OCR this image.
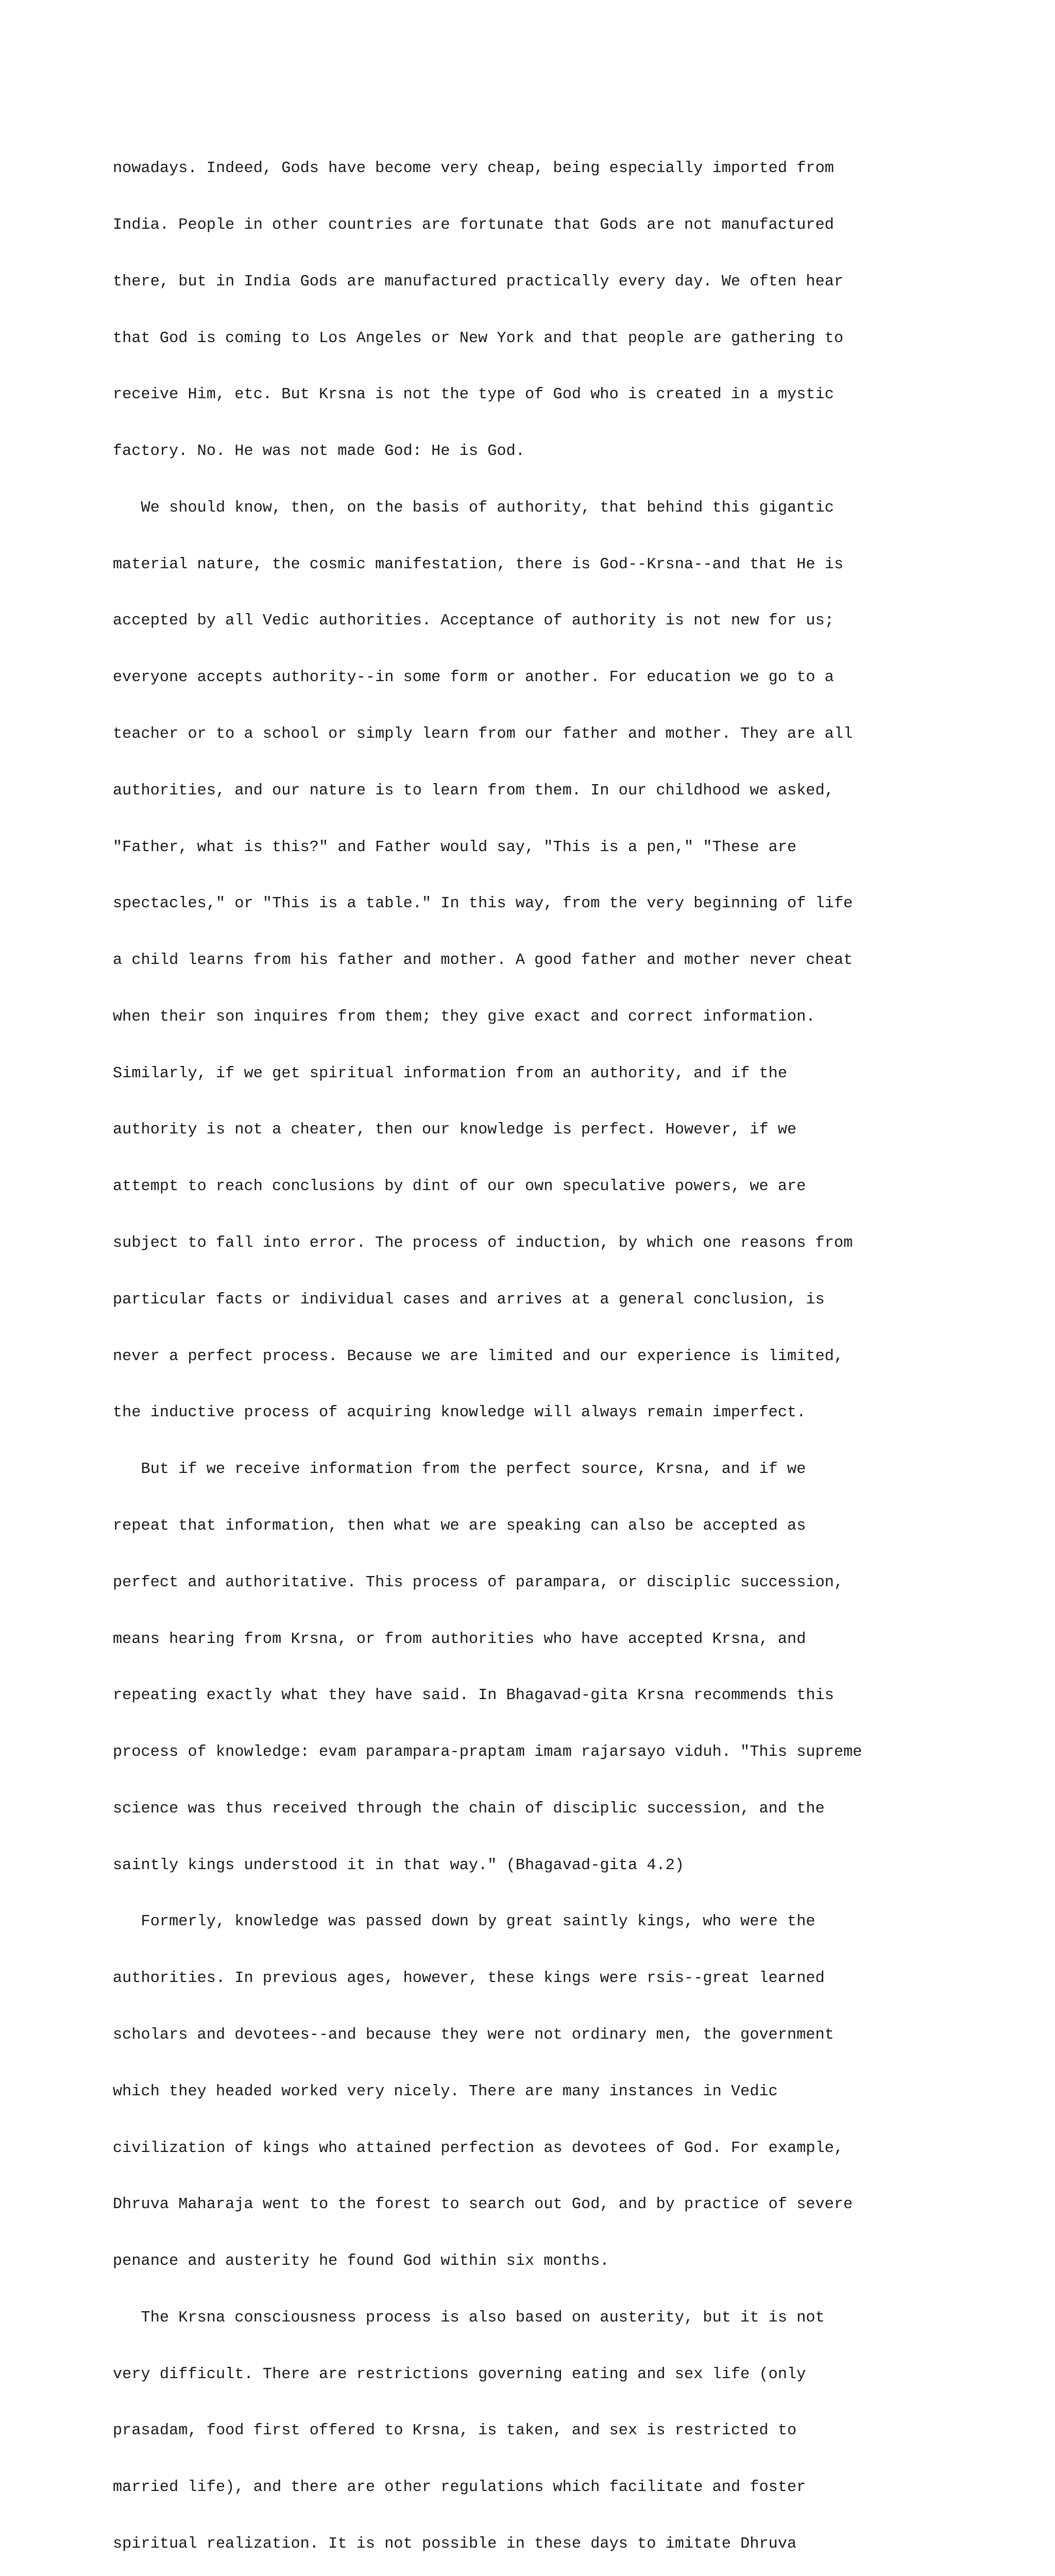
nowadays. Indeed, Gods have become very cheap, being especially imported from

India. People in other countries are fortunate that Gods are not manufactured

there, but in India Gods are manufactured practically every day. We often hear

that God is coming to Los Angeles or New York and that people are gathering to

receive Him, etc. But Krsna is not the type of God who is created in a mystic

factory. No. He was not made God: He is God.

We should know, then, on the basis of authority, that behind this gigantic

material nature, the cosmic manifestation, there is God--Krsna--and that He is

accepted by all Vedic authorities. Acceptance of authority is not new for us;

everyone accepts authority--in some form or another. For education we go to a

teacher or to a school or simply learn from our father and mother. They are all

authorities, and our nature is to learn from them. In our childhood we asked,

"Father, what is this?" and Father would say, "This is a pen," "These are

spectacles," or "This is a table." In this way, from the very beginning of life

a child learns from his father and mother. A good father and mother never cheat

when their son inquires from them; they give exact and correct information.

Similarly, if we get spiritual information from an authority, and if the

authority is not a cheater, then our knowledge is perfect. However, if we

attempt to reach conclusions by dint of our own speculative powers, we are

subject to fall into error. The process of induction, by which one reasons from

particular facts or individual cases and arrives at a general conclusion, is

never a perfect process. Because we are limited and our experience is limited,

the inductive process of acquiring knowledge will always remain imperfect.

But if we receive information from the perfect source, Krsna, and if we

repeat that information, then what we are speaking can also be accepted as

perfect and authoritative. This process of parampara, or disciplic succession,

means hearing from Krsna, or from authorities who have accepted Krsna, and

repeating exactly what they have said. In Bhagavad-gita Krsna recommends this

process of knowledge: evam parampara-praptam imam rajarsayo viduh. "This supreme

science was thus received through the chain of disciplic succession, and the

saintly kings understood it in that way." (Bhagavad-gita 4.2)

Formerly, knowledge was passed down by great saintly kings, who were the

authorities. In previous ages, however, these kings were rsis--great learned

scholars and devotees--and because they were not ordinary men, the government

which they headed worked very nicely. There are many instances in Vedic

civilization of kings who attained perfection as devotees of God. For example,

Dhruva Maharaja went to the forest to search out God, and by practice of severe

penance and austerity he found God within six months.

The Krsna consciousness process is also based on austerity, but it is not

very difficult. There are restrictions governing eating and sex life (only

prasadam, food first offered to Krsna, is taken, and sex is restricted to

married life), and there are other regulations which facilitate and foster

spiritual realization. It is not possible in these days to imitate Dhruva
